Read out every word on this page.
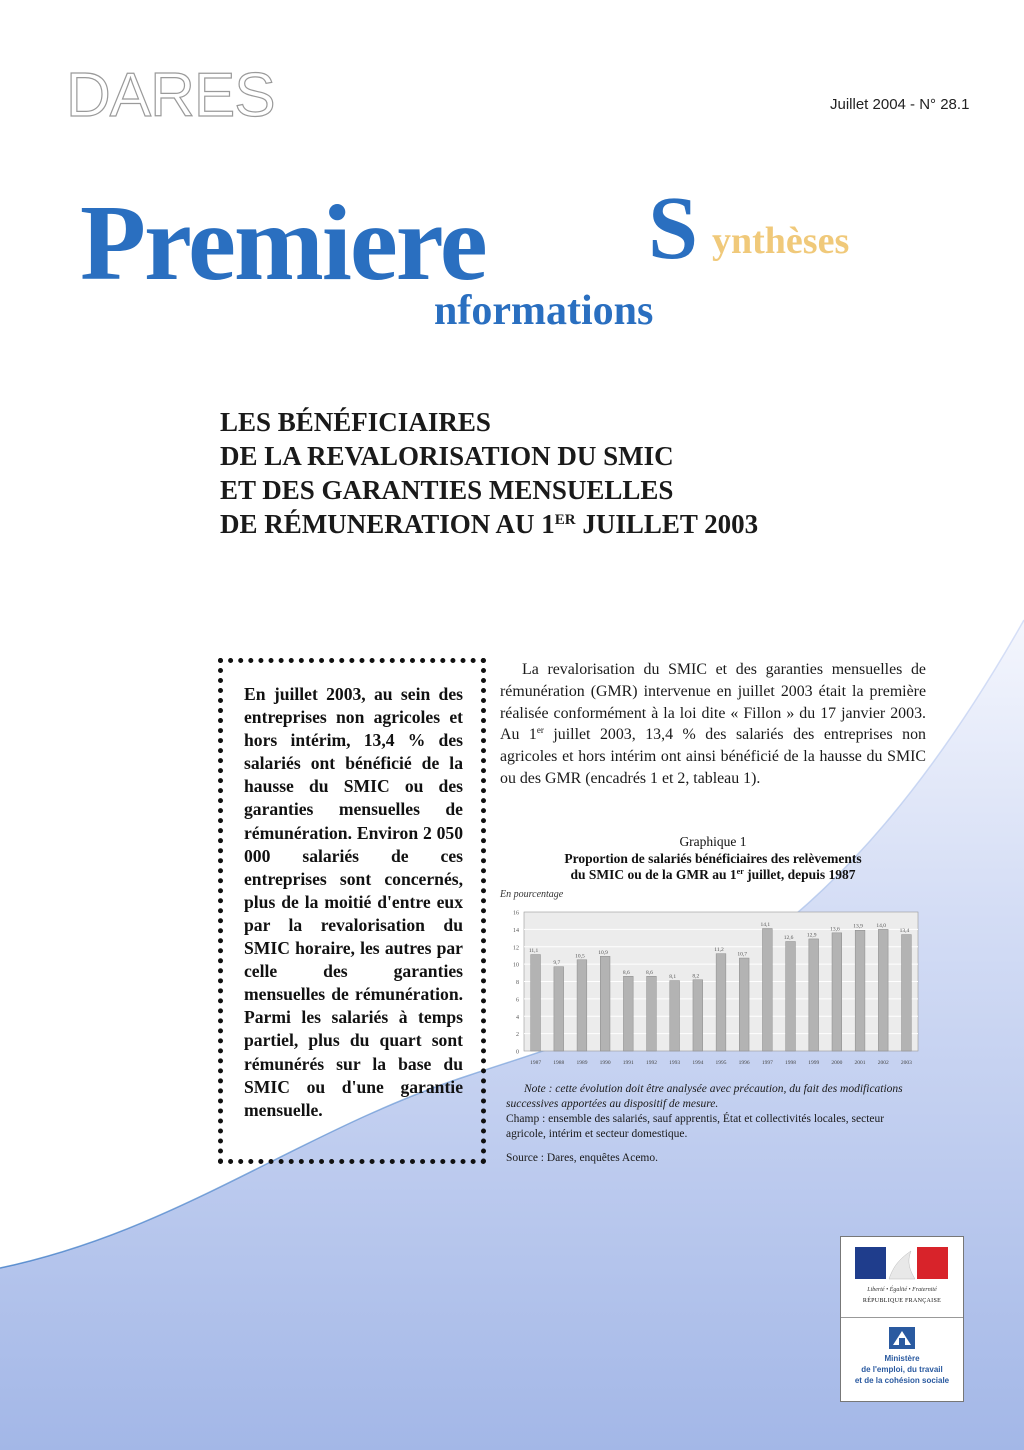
DARES	Juillet 2004 - N° 28.1
Premiere S ynthèses
nformations
LES BÉNÉFICIAIRES
DE LA REVALORISATION DU SMIC
ET DES GARANTIES MENSUELLES
DE RÉMUNERATION AU 1ER JUILLET 2003
En juillet 2003, au sein des entreprises non agricoles et hors intérim, 13,4 % des salariés ont bénéficié de la hausse du SMIC ou des garanties mensuelles de rémunération. Environ 2 050 000 salariés de ces entreprises sont concernés, plus de la moitié d'entre eux par la revalorisation du SMIC horaire, les autres par celle des garanties mensuelles de rémunération. Parmi les salariés à temps partiel, plus du quart sont rémunérés sur la base du SMIC ou d'une garantie mensuelle.

La revalorisation du SMIC et des garanties mensuelles de rémunération (GMR) intervenue en juillet 2003 était la première réalisée conformément à la loi dite « Fillon » du 17 janvier 2003. Au 1er juillet 2003, 13,4 % des salariés des entreprises non agricoles et hors intérim ont ainsi bénéficié de la hausse du SMIC ou des GMR (encadrés 1 et 2, tableau 1).

Graphique 1
Proportion de salariés bénéficiaires des relèvements
du SMIC ou de la GMR au 1er juillet, depuis 1987
En pourcentage
11,1
9,7
10,5
10,9
8,6	8,6
8,1	8,2
11,2
10,7
14,1
12,6 12,9
13,6 13,9 14,0
13,4
0
2
4
6
8
10
12
14
16
1987 1988 1989 1990 1991 1992 1993 1994 1995 1996 1997 1998 1999 2000 2001 2002 2003

Note : cette évolution doit être analysée avec précaution, du fait des modifications successives apportées au dispositif de mesure.

Champ : ensemble des salariés, sauf apprentis, État et collectivités locales, secteur agricole, intérim et secteur domestique.

Source : Dares, enquêtes Acemo.

Liberté • Égalité • Fraternité
RÉPUBLIQUE FRANÇAISE
Ministère
de l'emploi, du travail
et de la cohésion sociale
